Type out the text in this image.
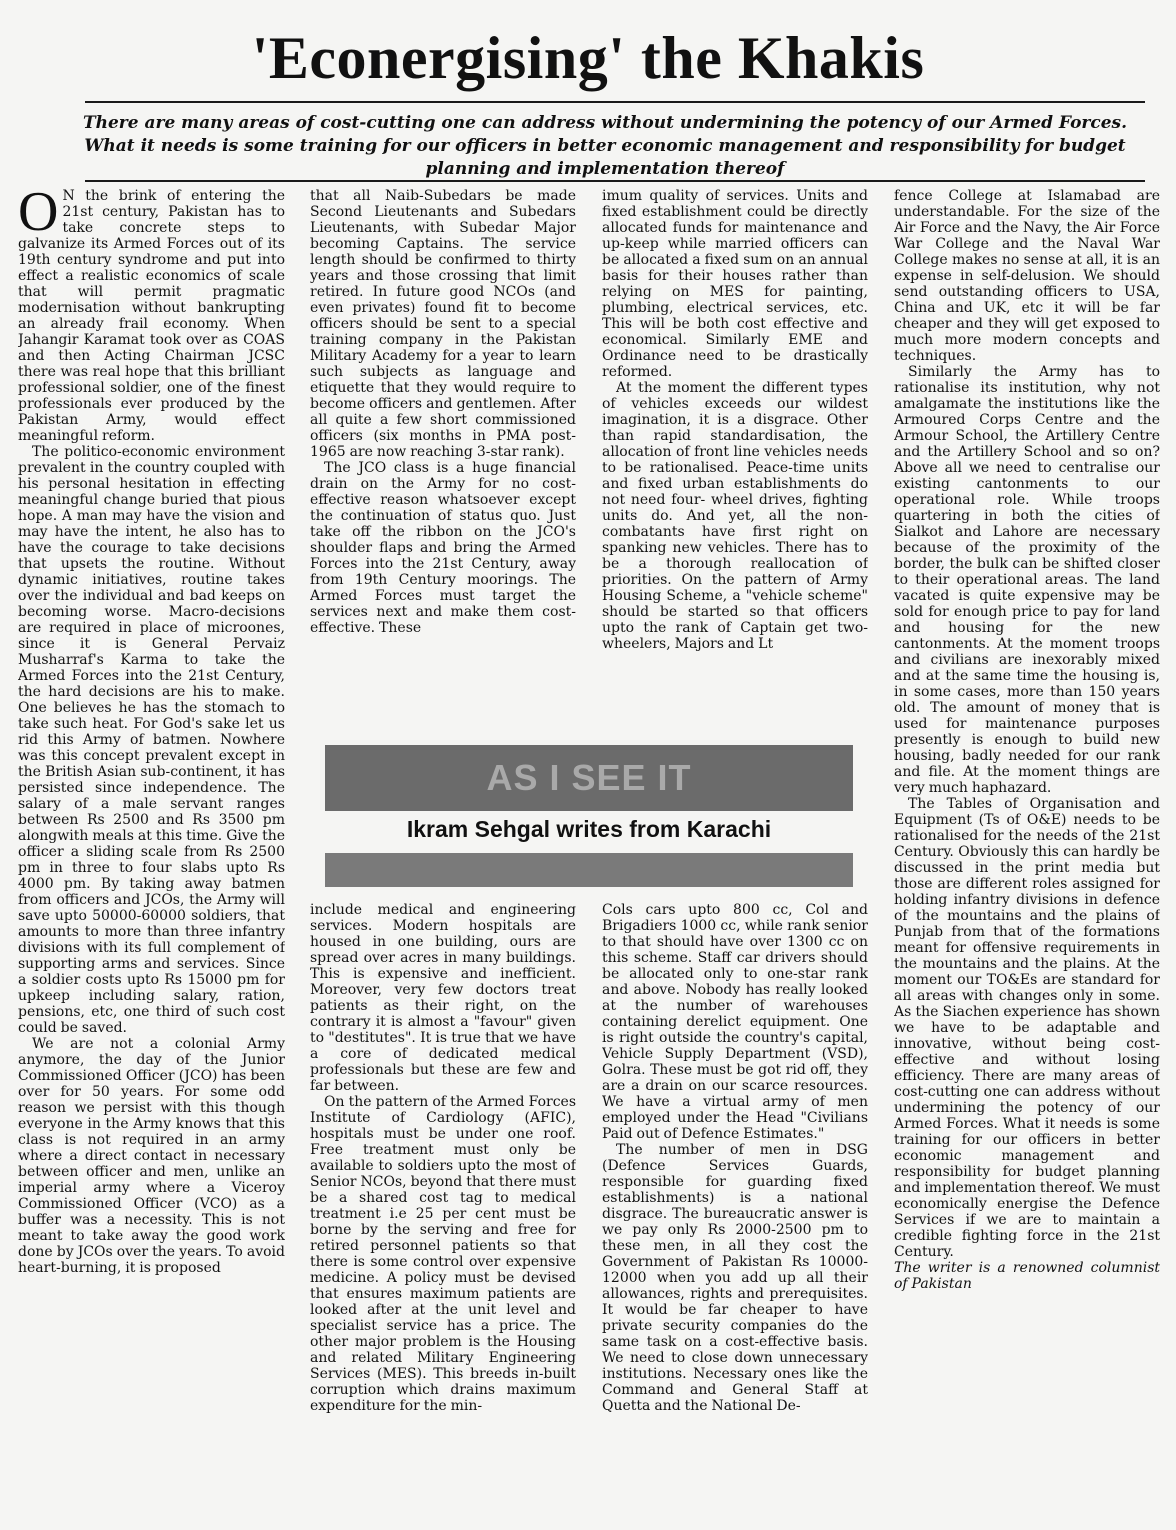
'Econergising' the Khakis

There are many areas of cost-cutting one can address without undermining the potency of our Armed Forces. What it needs is some training for our officers in better economic management and responsibility for budget planning and implementation thereof

O N the brink of entering the 21st century, Pakistan has to take concrete steps to galvanize its Armed Forces out of its 19th century syndrome and put into effect a realistic economics of scale that will permit pragmatic modernisation without bankrupting an already frail economy. When Jahangir Karamat took over as COAS and then Acting Chairman JCSC there was real hope that this brilliant professional soldier, one of the finest professionals ever produced by the Pakistan Army, would effect meaningful reform.

The politico-economic environment prevalent in the country coupled with his personal hesitation in effecting meaningful change buried that pious hope. A man may have the vision and may have the intent, he also has to have the courage to take decisions that upsets the routine. Without dynamic initiatives, routine takes over the individual and bad keeps on becoming worse. Macro-decisions are required in place of microones, since it is General Pervaiz Musharraf's Karma to take the Armed Forces into the 21st Century, the hard decisions are his to make. One believes he has the stomach to take such heat. For God's sake let us rid this Army of batmen. Nowhere was this concept prevalent except in the British Asian sub-continent, it has persisted since independence. The salary of a male servant ranges between Rs 2500 and Rs 3500 pm alongwith meals at this time. Give the officer a sliding scale from Rs 2500 pm in three to four slabs upto Rs 4000 pm. By taking away batmen from officers and JCOs, the Army will save upto 50000-60000 soldiers, that amounts to more than three infantry divisions with its full complement of supporting arms and services. Since a soldier costs upto Rs 15000 pm for upkeep including salary, ration, pensions, etc, one third of such cost could be saved.

We are not a colonial Army anymore, the day of the Junior Commissioned Officer (JCO) has been over for 50 years. For some odd reason we persist with this though everyone in the Army knows that this class is not required in an army where a direct contact in necessary between officer and men, unlike an imperial army where a Viceroy Commissioned Officer (VCO) as a buffer was a necessity. This is not meant to take away the good work done by JCOs over the years. To avoid heart-burning, it is proposed

that all Naib-Subedars be made Second Lieutenants and Subedars Lieutenants, with Subedar Major becoming Captains. The service length should be confirmed to thirty years and those crossing that limit retired. In future good NCOs (and even privates) found fit to become officers should be sent to a special training company in the Pakistan Military Academy for a year to learn such subjects as language and etiquette that they would require to become officers and gentlemen. After all quite a few short commissioned officers (six months in PMA post-1965 are now reaching 3-star rank).

The JCO class is a huge financial drain on the Army for no cost-effective reason whatsoever except the continuation of status quo. Just take off the ribbon on the JCO's shoulder flaps and bring the Armed Forces into the 21st Century, away from 19th Century moorings. The Armed Forces must target the services next and make them cost-effective. These

imum quality of services. Units and fixed establishment could be directly allocated funds for maintenance and up-keep while married officers can be allocated a fixed sum on an annual basis for their houses rather than relying on MES for painting, plumbing, electrical services, etc. This will be both cost effective and economical. Similarly EME and Ordinance need to be drastically reformed.

At the moment the different types of vehicles exceeds our wildest imagination, it is a disgrace. Other than rapid standardisation, the allocation of front line vehicles needs to be rationalised. Peace-time units and fixed urban establishments do not need four- wheel drives, fighting units do. And yet, all the non-combatants have first right on spanking new vehicles. There has to be a thorough reallocation of priorities. On the pattern of Army Housing Scheme, a "vehicle scheme" should be started so that officers upto the rank of Captain get two-wheelers, Majors and Lt

AS I SEE IT
Ikram Sehgal writes from Karachi

include medical and engineering services. Modern hospitals are housed in one building, ours are spread over acres in many buildings. This is expensive and inefficient. Moreover, very few doctors treat patients as their right, on the contrary it is almost a "favour" given to "destitutes". It is true that we have a core of dedicated medical professionals but these are few and far between.

On the pattern of the Armed Forces Institute of Cardiology (AFIC), hospitals must be under one roof. Free treatment must only be available to soldiers upto the most of Senior NCOs, beyond that there must be a shared cost tag to medical treatment i.e 25 per cent must be borne by the serving and free for retired personnel patients so that there is some control over expensive medicine. A policy must be devised that ensures maximum patients are looked after at the unit level and specialist service has a price. The other major problem is the Housing and related Military Engineering Services (MES). This breeds in-built corruption which drains maximum expenditure for the min-

Cols cars upto 800 cc, Col and Brigadiers 1000 cc, while rank senior to that should have over 1300 cc on this scheme. Staff car drivers should be allocated only to one-star rank and above. Nobody has really looked at the number of warehouses containing derelict equipment. One is right outside the country's capital, Vehicle Supply Department (VSD), Golra. These must be got rid off, they are a drain on our scarce resources. We have a virtual army of men employed under the Head "Civilians Paid out of Defence Estimates."

The number of men in DSG (Defence Services Guards, responsible for guarding fixed establishments) is a national disgrace. The bureaucratic answer is we pay only Rs 2000-2500 pm to these men, in all they cost the Government of Pakistan Rs 10000-12000 when you add up all their allowances, rights and prerequisites. It would be far cheaper to have private security companies do the same task on a cost-effective basis. We need to close down unnecessary institutions. Necessary ones like the Command and General Staff at Quetta and the National De-

fence College at Islamabad are understandable. For the size of the Air Force and the Navy, the Air Force War College and the Naval War College makes no sense at all, it is an expense in self-delusion. We should send outstanding officers to USA, China and UK, etc it will be far cheaper and they will get exposed to much more modern concepts and techniques.

Similarly the Army has to rationalise its institution, why not amalgamate the institutions like the Armoured Corps Centre and the Armour School, the Artillery Centre and the Artillery School and so on? Above all we need to centralise our existing cantonments to our operational role. While troops quartering in both the cities of Sialkot and Lahore are necessary because of the proximity of the border, the bulk can be shifted closer to their operational areas. The land vacated is quite expensive may be sold for enough price to pay for land and housing for the new cantonments. At the moment troops and civilians are inexorably mixed and at the same time the housing is, in some cases, more than 150 years old. The amount of money that is used for maintenance purposes presently is enough to build new housing, badly needed for our rank and file. At the moment things are very much haphazard.

The Tables of Organisation and Equipment (Ts of O&E) needs to be rationalised for the needs of the 21st Century. Obviously this can hardly be discussed in the print media but those are different roles assigned for holding infantry divisions in defence of the mountains and the plains of Punjab from that of the formations meant for offensive requirements in the mountains and the plains. At the moment our TO&Es are standard for all areas with changes only in some. As the Siachen experience has shown we have to be adaptable and innovative, without being cost-effective and without losing efficiency. There are many areas of cost-cutting one can address without undermining the potency of our Armed Forces. What it needs is some training for our officers in better economic management and responsibility for budget planning and implementation thereof. We must economically energise the Defence Services if we are to maintain a credible fighting force in the 21st Century.

The writer is a renowned columnist of Pakistan
